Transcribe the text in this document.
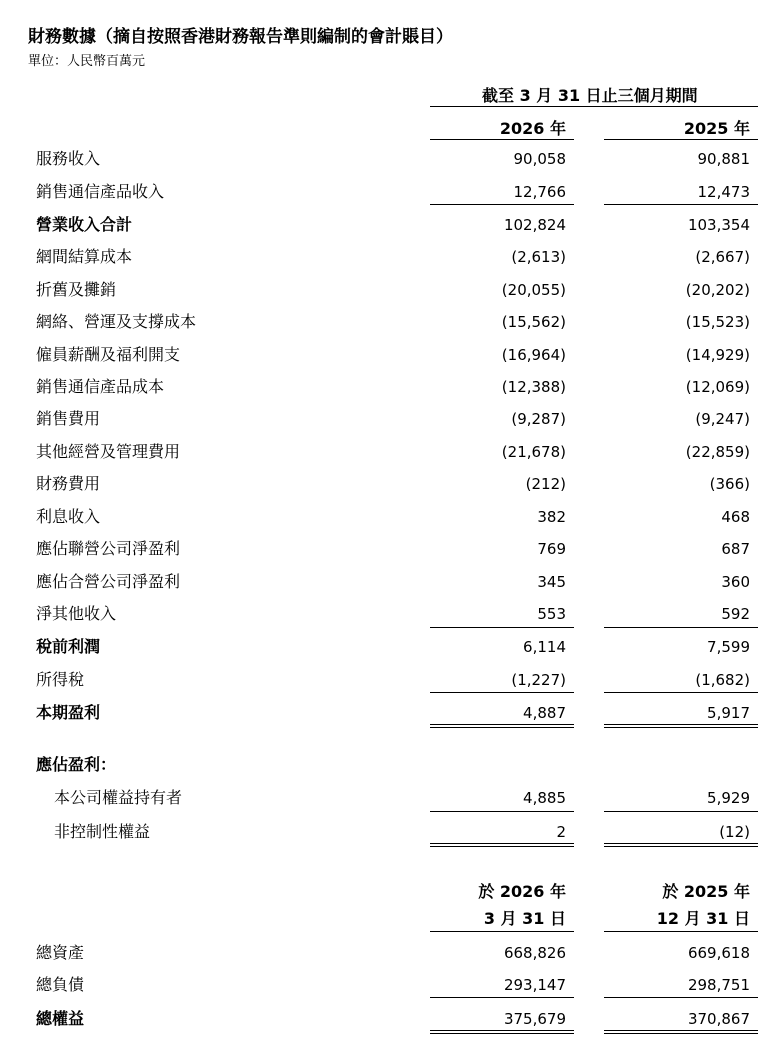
財務數據（摘自按照香港財務報告準則編制的會計賬目）
單位：人民幣百萬元
截至 3 月 31 日止三個月期間
2026 年	2025 年
服務收入	90,058	90,881
銷售通信產品收入	12,766	12,473
營業收入合計	102,824	103,354
網間結算成本	(2,613)	(2,667)
折舊及攤銷	(20,055)	(20,202)
網絡、營運及支撐成本	(15,562)	(15,523)
僱員薪酬及福利開支	(16,964)	(14,929)
銷售通信產品成本	(12,388)	(12,069)
銷售費用	(9,287)	(9,247)
其他經營及管理費用	(21,678)	(22,859)
財務費用	(212)	(366)
利息收入	382	468
應佔聯營公司淨盈利	769	687
應佔合營公司淨盈利	345	360
淨其他收入	553	592
稅前利潤	6,114	7,599
所得稅	(1,227)	(1,682)
本期盈利	4,887	5,917
應佔盈利：
本公司權益持有者	4,885	5,929
非控制性權益	2	(12)
於 2026 年
3 月 31 日
於 2025 年
12 月 31 日
總資產	668,826	669,618
總負債	293,147	298,751
總權益	375,679	370,867
